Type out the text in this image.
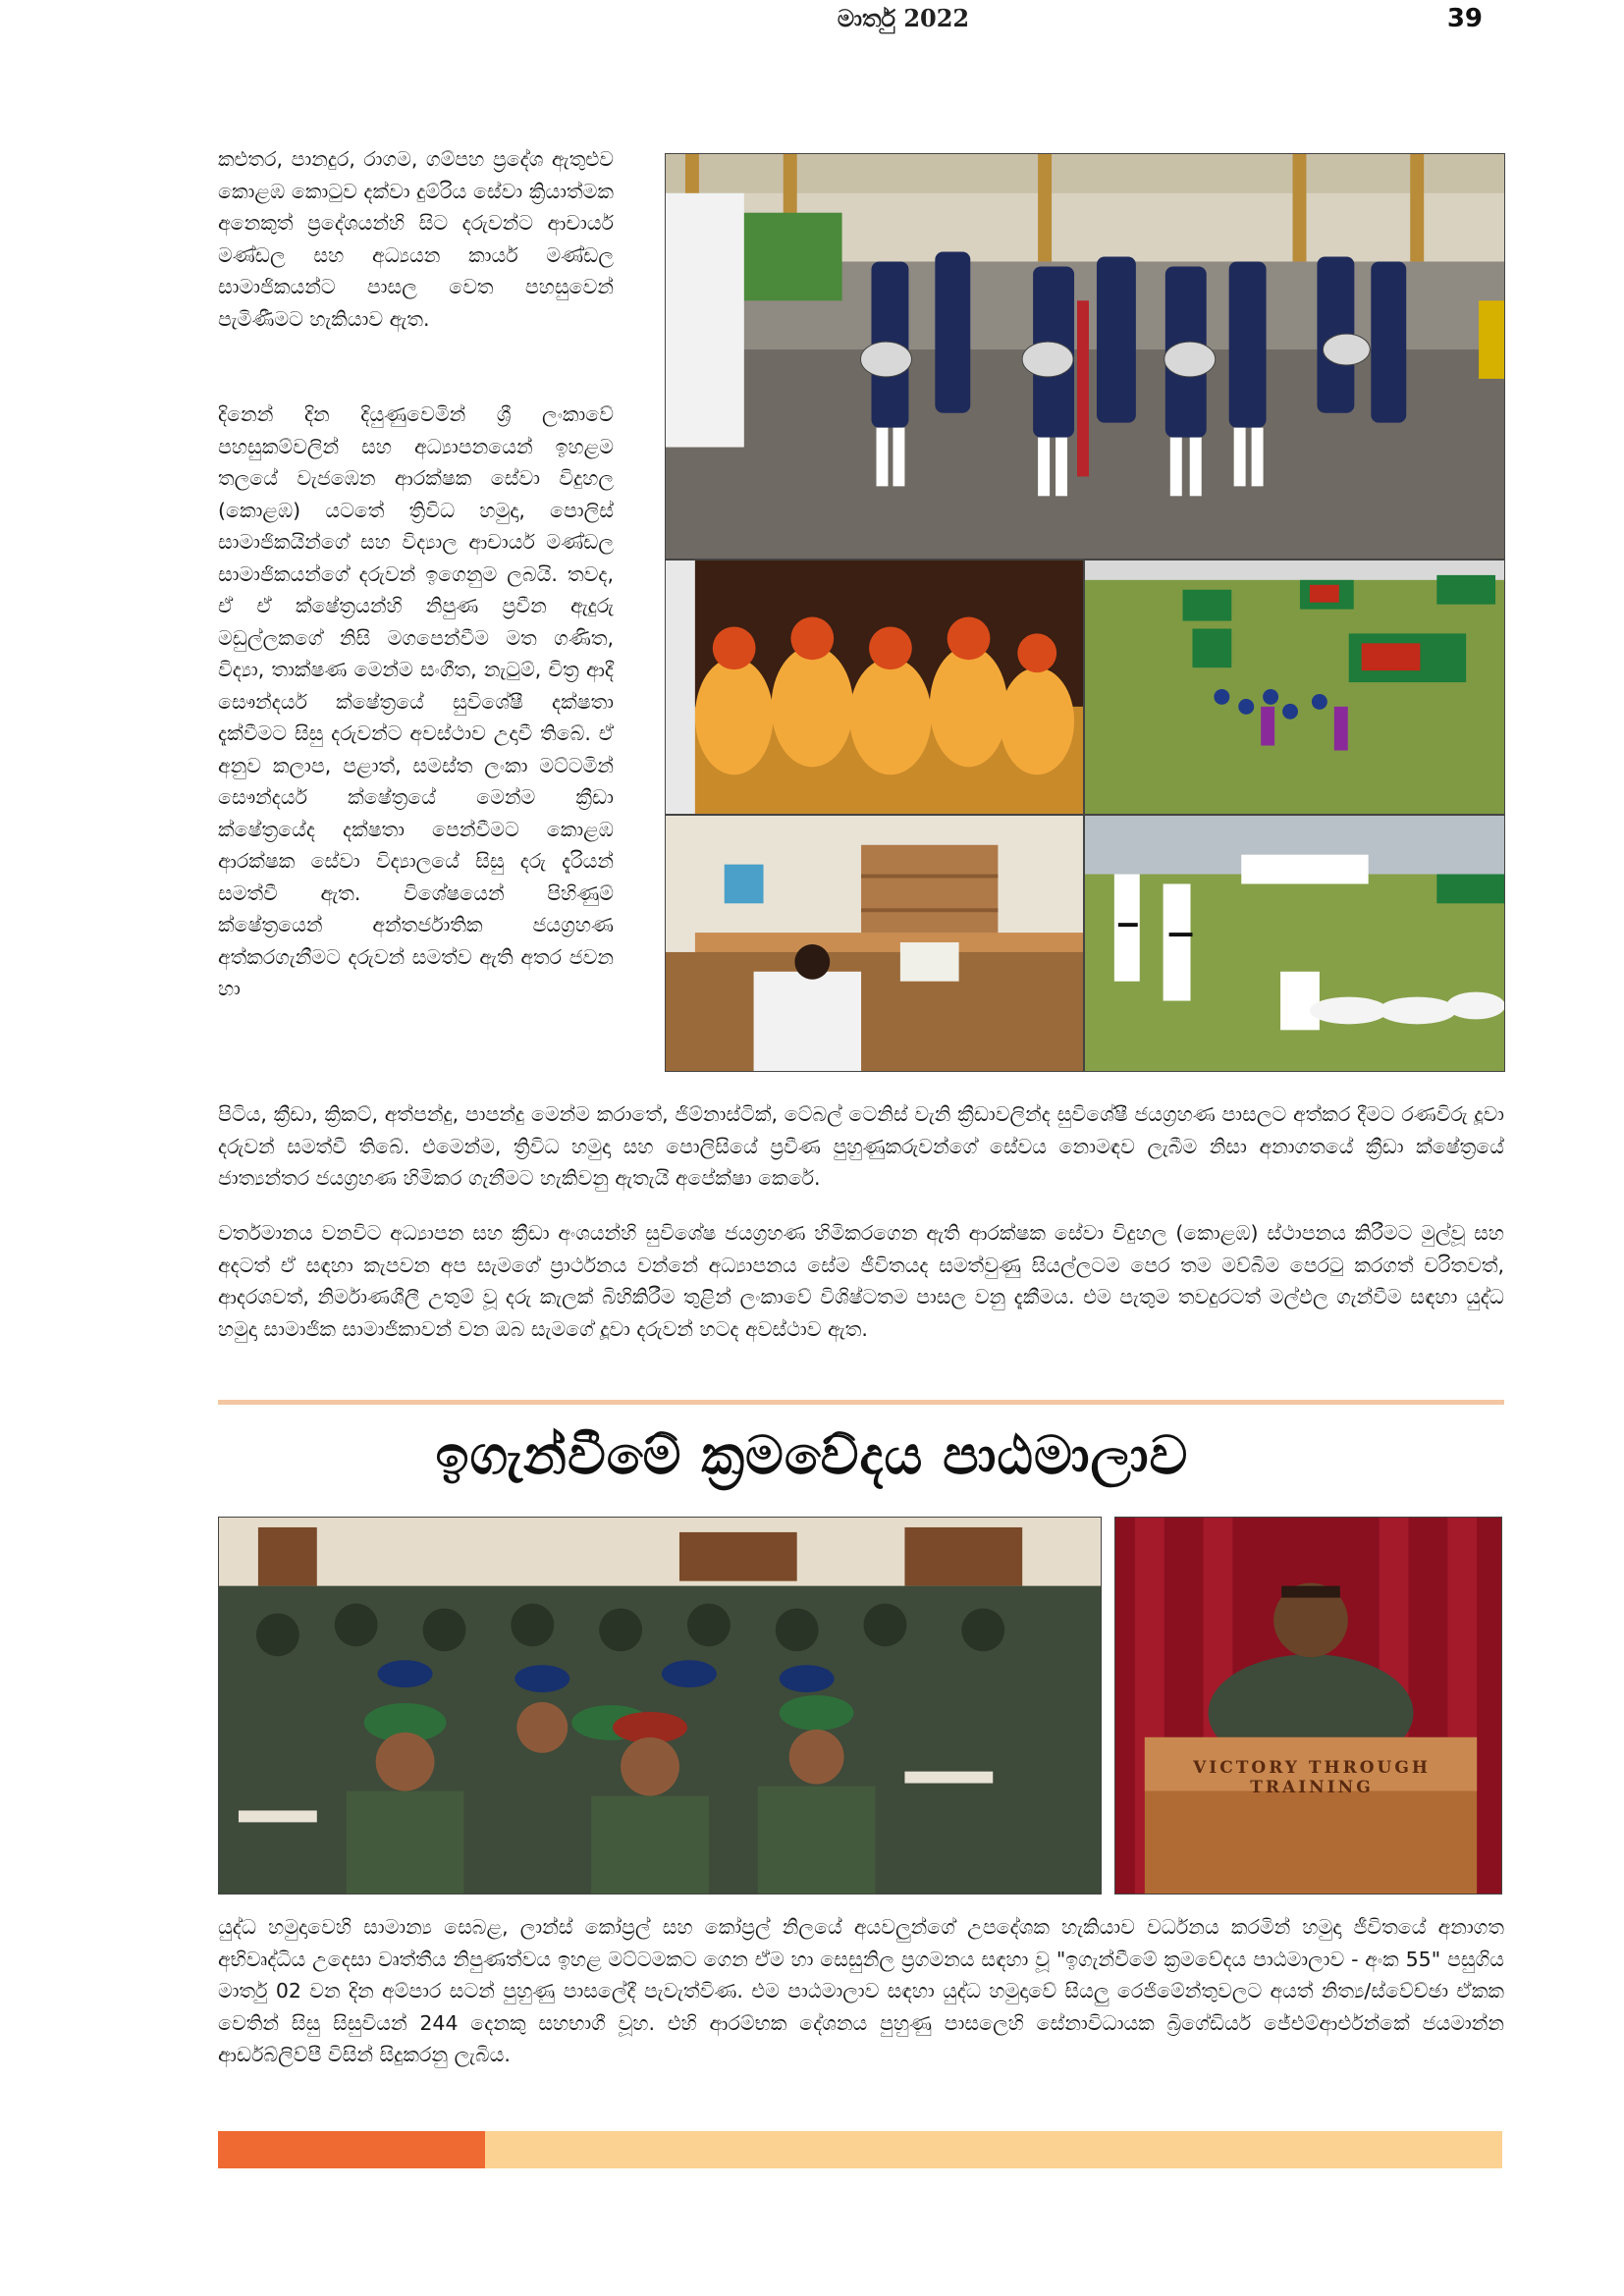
කළුතර, පානදුර, රාගම, ගම්පහ ප්‍රදේශ ඇතුළුව කොළඹ කොටුව දක්වා දුම්රිය සේවා ක්‍රියාත්මක අනෙකුත් ප්‍රදේශයන්හි සිට දරුවන්ට ආචාර්ය මණ්ඩල සහ අධ්‍යයන කාර්ය මණ්ඩල සාමාජිකයන්ට පාසල වෙත පහසුවෙන් පැමිණීමට හැකියාව ඇත.

දිනෙන් දින දියුණුවෙමින් ශ්‍රී ලංකාවේ පහසුකම්වලින් සහ අධ්‍යාපනයෙන් ඉහළම තලයේ වැජඹෙන ආරක්ෂක සේවා විදුහල (කොළඹ) යටතේ ත්‍රිවිධ හමුදා, පොලිස් සාමාජිකයින්ගේ සහ විද්‍යාල ආචාර්ය මණ්ඩල සාමාජිකයන්ගේ දරුවන් ඉගෙනුම ලබයි. තවද, ඒ ඒ ක්ෂේත්‍රයන්හි නිපුණ ප්‍රවීන ඇදුරු මඩුල්ලකගේ නිසි මගපෙන්වීම මත ගණිත, විද්‍යා, තාක්ෂණ මෙන්ම සංගීත, නැටුම්, චිත්‍ර ආදී සෞන්දර්ය ක්ෂේත්‍රයේ සුවිශේෂී දක්ෂතා දැක්වීමට සිසු දරුවන්ට අවස්ථාව උදාවී තිබේ. ඒ අනුව කලාප, පළාත්, සමස්ත ලංකා මට්ටමින් සෞන්දර්ය ක්ෂේත්‍රයේ මෙන්ම ක්‍රීඩා ක්ෂේත්‍රයේද දක්ෂතා පෙන්වීමට කොළඹ ආරක්ෂක සේවා විද්‍යාලයේ සිසු දරු දැරියන් සමත්වී ඇත. විශේෂයෙන් පිහිණුම් ක්ෂේත්‍රයෙන් අන්තර්ජාතික ජයග්‍රහණ අත්කරගැනීමට දරුවන් සමත්ව ඇති අතර ජවන හා

පිටිය, ක්‍රීඩා, ක්‍රිකට්, අත්පන්දු, පාපන්දු මෙන්ම කරාතේ, ජිම්නාස්ටික්, ටේබල් ටෙනිස් වැනි ක්‍රීඩාවලින්ද සුවිශේෂී ජයග්‍රහණ පාසලට අත්කර දීමට රණවිරු දූවා දරුවන් සමත්වී තිබේ. එමෙන්ම, ත්‍රිවිධ හමුදා සහ පොලිසියේ ප්‍රවීණ පුහුණුකරුවන්ගේ සේවය නොමඳව ලැබීම නිසා අනාගතයේ ක්‍රීඩා ක්ෂේත්‍රයේ ජාත්‍යන්තර ජයග්‍රහණ හිමිකර ගැනීමට හැකිවනු ඇතැයි අපේක්ෂා කෙරේ.

වර්තමානය වනවිට අධ්‍යාපන සහ ක්‍රීඩා අංශයන්හි සුවිශේෂ ජයග්‍රහණ හිමිකරගෙන ඇති ආරක්ෂක සේවා විදුහල (කොළඹ) ස්ථාපනය කිරීමට මුල්වූ සහ අදටත් ඒ සඳහා කැපවන අප සැමගේ ප්‍රාර්ථනය වන්නේ අධ්‍යාපනය සේම ජීවිතයද සමත්වුණු සියල්ලටම පෙර තම මව්බිම පෙරටු කරගත් චරිතවත්, ආදරශවත්, නිර්මාණශීලී උතුම් වූ දරු කැලක් බිහිකිරීම තුළින් ලංකාවේ විශිෂ්ටතම පාසල වනු දැකීමය. එම පැතුම තවදුරටත් මල්ඵල ගැන්වීම සඳහා යුද්ධ හමුදා සාමාජික සාමාජිකාවන් වන ඔබ සැමගේ දූවා දරුවන් හටද අවස්ථාව ඇත.

ඉගැන්වීමේ ක්‍රමවේදය පාඨමාලාව
VICTORY THROUGH TRAINING

යුද්ධ හමුදාවෙහි සාමාන්‍ය සෙබළ, ලාන්ස් කෝප්‍රල් සහ කෝප්‍රල් නිලයේ අයවලුන්ගේ උපදේශක හැකියාව වර්ධනය කරමින් හමුදා ජීවිතයේ අනාගත අභිවෘද්ධිය උදෙසා වෘත්තීය නිපුණත්වය ඉහළ මට්ටමකට ගෙන ඒම හා සෙසුනිල ප්‍රගමනය සඳහා වූ "ඉගැන්වීමේ ක්‍රමවේදය පාඨමාලාව - අංක 55" පසුගිය මාර්තු 02 වන දින අම්පාර සටන් පුහුණු පාසලේදී පැවැත්විණ. එම පාඨමාලාව සඳහා යුද්ධ හමුදාවේ සියලු රෙජිමේන්තුවලට අයත් නිත්‍ය/ස්වේච්ඡා ඒකක වෙතින් සිසු සිසුවියන් 244 දෙනකු සහභාගී වූහ. එහි ආරම්භක දේශනය පුහුණු පාසලෙහි සේනාවිධායක බ්‍රිගේඩියර් ජේඑම්ආර්එන්කේ ජයමාන්න ආර්ඩබ්ලිව්පී විසින් සිදුකරනු ලැබිය.

රණවිරුවා	මාර්තු 2022	39
